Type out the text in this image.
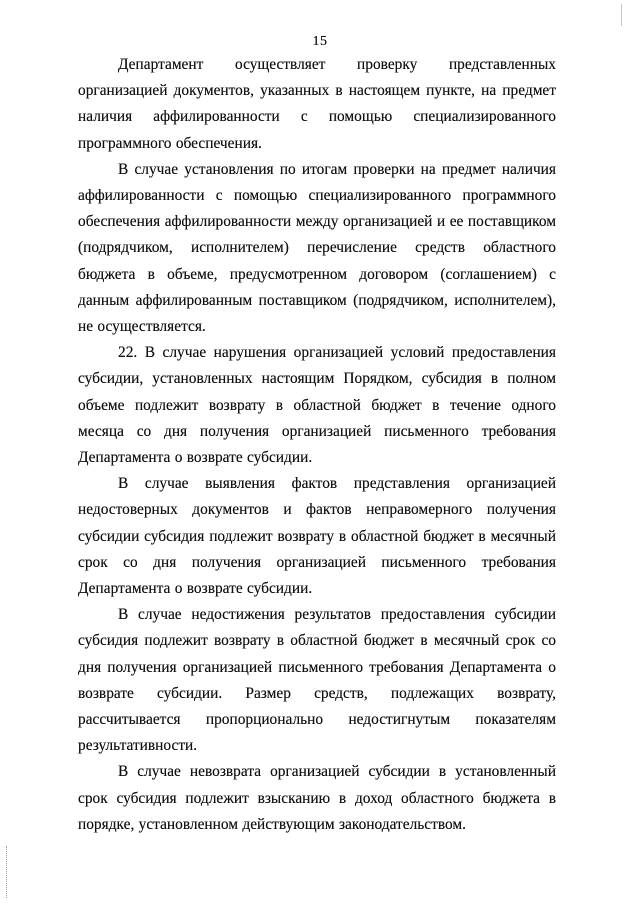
15

Департамент осуществляет проверку представленных организацией документов, указанных в настоящем пункте, на предмет наличия аффилированности с помощью специализированного программного обеспечения.

В случае установления по итогам проверки на предмет наличия аффилированности с помощью специализированного программного обеспечения аффилированности между организацией и ее поставщиком (подрядчиком, исполнителем) перечисление средств областного бюджета в объеме, предусмотренном договором (соглашением) с данным аффилированным поставщиком (подрядчиком, исполнителем), не осуществляется.

22. В случае нарушения организацией условий предоставления субсидии, установленных настоящим Порядком, субсидия в полном объеме подлежит возврату в областной бюджет в течение одного месяца со дня получения организацией письменного требования Департамента о возврате субсидии.

В случае выявления фактов представления организацией недостоверных документов и фактов неправомерного получения субсидии субсидия подлежит возврату в областной бюджет в месячный срок со дня получения организацией письменного требования Департамента о возврате субсидии.

В случае недостижения результатов предоставления субсидии субсидия подлежит возврату в областной бюджет в месячный срок со дня получения организацией письменного требования Департамента о возврате субсидии. Размер средств, подлежащих возврату, рассчитывается пропорционально недостигнутым показателям результативности.

В случае невозврата организацией субсидии в установленный срок субсидия подлежит взысканию в доход областного бюджета в порядке, установленном действующим законодательством.
